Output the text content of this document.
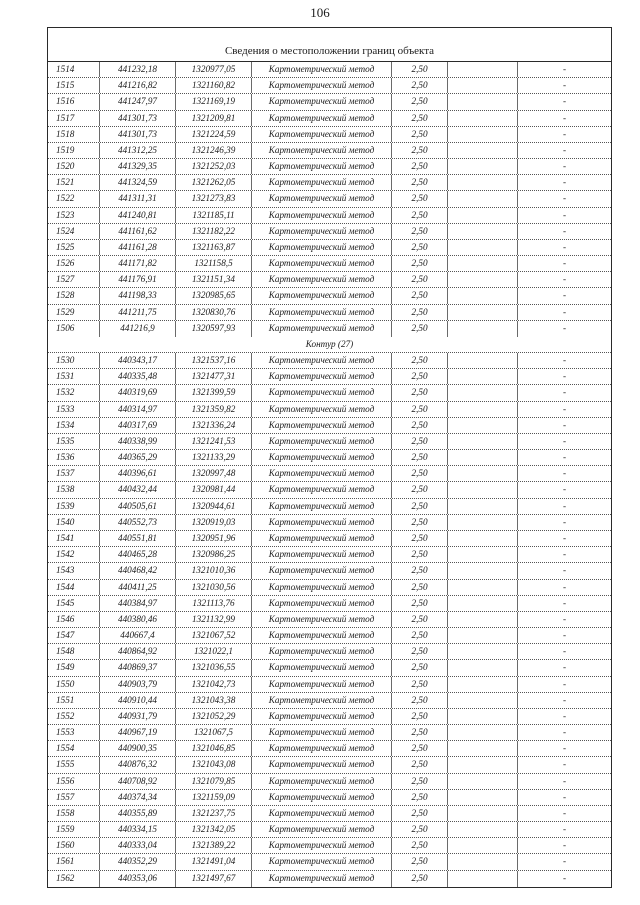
106
Сведения о местоположении границ объекта
1514	441232,18	1320977,05	Картометрический метод	2,50	-
1515	441216,82	1321160,82	Картометрический метод	2,50	-
1516	441247,97	1321169,19	Картометрический метод	2,50	-
1517	441301,73	1321209,81	Картометрический метод	2,50	-
1518	441301,73	1321224,59	Картометрический метод	2,50	-
1519	441312,25	1321246,39	Картометрический метод	2,50	-
1520	441329,35	1321252,03	Картометрический метод	2,50	-
1521	441324,59	1321262,05	Картометрический метод	2,50	-
1522	441311,31	1321273,83	Картометрический метод	2,50	-
1523	441240,81	1321185,11	Картометрический метод	2,50	-
1524	441161,62	1321182,22	Картометрический метод	2,50	-
1525	441161,28	1321163,87	Картометрический метод	2,50	-
1526	441171,82	1321158,5	Картометрический метод	2,50	-
1527	441176,91	1321151,34	Картометрический метод	2,50	-
1528	441198,33	1320985,65	Картометрический метод	2,50	-
1529	441211,75	1320830,76	Картометрический метод	2,50	-
1506	441216,9	1320597,93	Картометрический метод	2,50	-
Контур (27)
1530	440343,17	1321537,16	Картометрический метод	2,50	-
1531	440335,48	1321477,31	Картометрический метод	2,50	-
1532	440319,69	1321399,59	Картометрический метод	2,50	-
1533	440314,97	1321359,82	Картометрический метод	2,50	-
1534	440317,69	1321336,24	Картометрический метод	2,50	-
1535	440338,99	1321241,53	Картометрический метод	2,50	-
1536	440365,29	1321133,29	Картометрический метод	2,50	-
1537	440396,61	1320997,48	Картометрический метод	2,50	-
1538	440432,44	1320981,44	Картометрический метод	2,50	-
1539	440505,61	1320944,61	Картометрический метод	2,50	-
1540	440552,73	1320919,03	Картометрический метод	2,50	-
1541	440551,81	1320951,96	Картометрический метод	2,50	-
1542	440465,28	1320986,25	Картометрический метод	2,50	-
1543	440468,42	1321010,36	Картометрический метод	2,50	-
1544	440411,25	1321030,56	Картометрический метод	2,50	-
1545	440384,97	1321113,76	Картометрический метод	2,50	-
1546	440380,46	1321132,99	Картометрический метод	2,50	-
1547	440667,4	1321067,52	Картометрический метод	2,50	-
1548	440864,92	1321022,1	Картометрический метод	2,50	-
1549	440869,37	1321036,55	Картометрический метод	2,50	-
1550	440903,79	1321042,73	Картометрический метод	2,50	-
1551	440910,44	1321043,38	Картометрический метод	2,50	-
1552	440931,79	1321052,29	Картометрический метод	2,50	-
1553	440967,19	1321067,5	Картометрический метод	2,50	-
1554	440900,35	1321046,85	Картометрический метод	2,50	-
1555	440876,32	1321043,08	Картометрический метод	2,50	-
1556	440708,92	1321079,85	Картометрический метод	2,50	-
1557	440374,34	1321159,09	Картометрический метод	2,50	-
1558	440355,89	1321237,75	Картометрический метод	2,50	-
1559	440334,15	1321342,05	Картометрический метод	2,50	-
1560	440333,04	1321389,22	Картометрический метод	2,50	-
1561	440352,29	1321491,04	Картометрический метод	2,50	-
1562	440353,06	1321497,67	Картометрический метод	2,50	-
